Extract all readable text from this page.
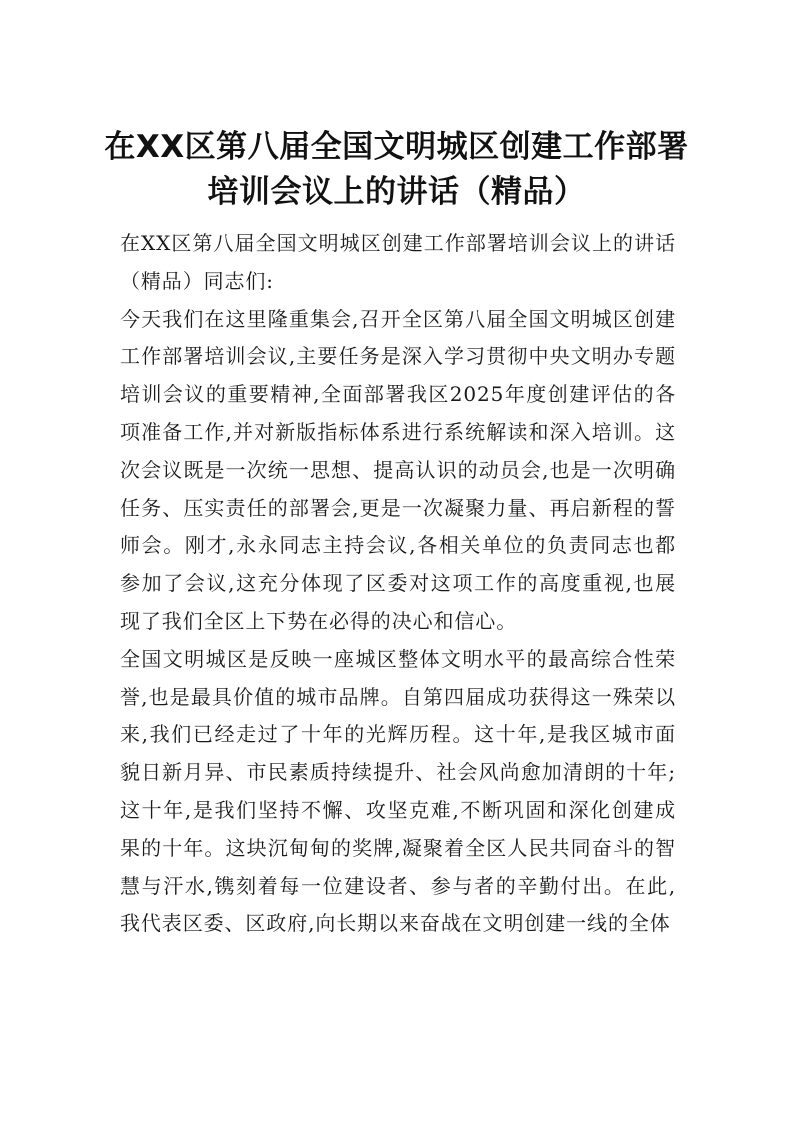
在XX区第八届全国文明城区创建工作部署
培训会议上的讲话（精品）

在XX区第八届全国文明城区创建工作部署培训会议上的讲话（精品）同志们:

今天我们在这里隆重集会,召开全区第八届全国文明城区创建工作部署培训会议,主要任务是深入学习贯彻中央文明办专题培训会议的重要精神,全面部署我区2025年度创建评估的各项准备工作,并对新版指标体系进行系统解读和深入培训。这次会议既是一次统一思想、提高认识的动员会,也是一次明确任务、压实责任的部署会,更是一次凝聚力量、再启新程的誓师会。刚才,永永同志主持会议,各相关单位的负责同志也都参加了会议,这充分体现了区委对这项工作的高度重视,也展现了我们全区上下势在必得的决心和信心。

全国文明城区是反映一座城区整体文明水平的最高综合性荣誉,也是最具价值的城市品牌。自第四届成功获得这一殊荣以来,我们已经走过了十年的光辉历程。这十年,是我区城市面貌日新月异、市民素质持续提升、社会风尚愈加清朗的十年;这十年,是我们坚持不懈、攻坚克难,不断巩固和深化创建成果的十年。这块沉甸甸的奖牌,凝聚着全区人民共同奋斗的智慧与汗水,镌刻着每一位建设者、参与者的辛勤付出。在此,我代表区委、区政府,向长期以来奋战在文明创建一线的全体
